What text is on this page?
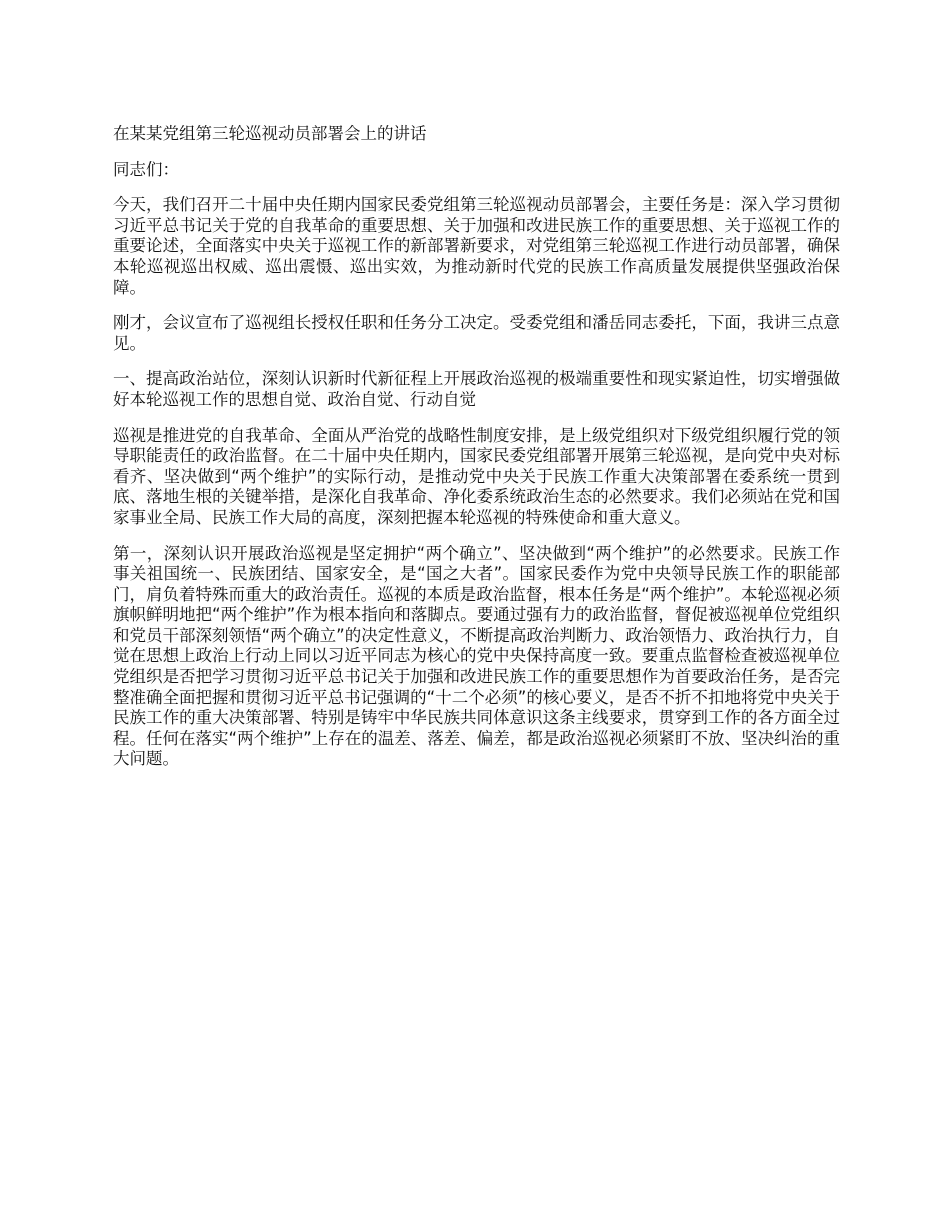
在某某党组第三轮巡视动员部署会上的讲话
同志们：
今天，我们召开二十届中央任期内国家民委党组第三轮巡视动员部署会，主要任务是：深入学习贯彻习近平总书记关于党的自我革命的重要思想、关于加强和改进民族工作的重要思想、关于巡视工作的重要论述，全面落实中央关于巡视工作的新部署新要求，对党组第三轮巡视工作进行动员部署，确保本轮巡视巡出权威、巡出震慑、巡出实效，为推动新时代党的民族工作高质量发展提供坚强政治保障。
刚才，会议宣布了巡视组长授权任职和任务分工决定。受委党组和潘岳同志委托，下面，我讲三点意见。
一、提高政治站位，深刻认识新时代新征程上开展政治巡视的极端重要性和现实紧迫性，切实增强做好本轮巡视工作的思想自觉、政治自觉、行动自觉
巡视是推进党的自我革命、全面从严治党的战略性制度安排，是上级党组织对下级党组织履行党的领导职能责任的政治监督。在二十届中央任期内，国家民委党组部署开展第三轮巡视，是向党中央对标看齐、坚决做到“两个维护”的实际行动，是推动党中央关于民族工作重大决策部署在委系统一贯到底、落地生根的关键举措，是深化自我革命、净化委系统政治生态的必然要求。我们必须站在党和国家事业全局、民族工作大局的高度，深刻把握本轮巡视的特殊使命和重大意义。
第一，深刻认识开展政治巡视是坚定拥护“两个确立”、坚决做到“两个维护”的必然要求。民族工作事关祖国统一、民族团结、国家安全，是“国之大者”。国家民委作为党中央领导民族工作的职能部门，肩负着特殊而重大的政治责任。巡视的本质是政治监督，根本任务是“两个维护”。本轮巡视必须旗帜鲜明地把“两个维护”作为根本指向和落脚点。要通过强有力的政治监督，督促被巡视单位党组织和党员干部深刻领悟“两个确立”的决定性意义，不断提高政治判断力、政治领悟力、政治执行力，自觉在思想上政治上行动上同以习近平同志为核心的党中央保持高度一致。要重点监督检查被巡视单位党组织是否把学习贯彻习近平总书记关于加强和改进民族工作的重要思想作为首要政治任务，是否完整准确全面把握和贯彻习近平总书记强调的“十二个必须”的核心要义，是否不折不扣地将党中央关于民族工作的重大决策部署、特别是铸牢中华民族共同体意识这条主线要求，贯穿到工作的各方面全过程。任何在落实“两个维护”上存在的温差、落差、偏差，都是政治巡视必须紧盯不放、坚决纠治的重大问题。
